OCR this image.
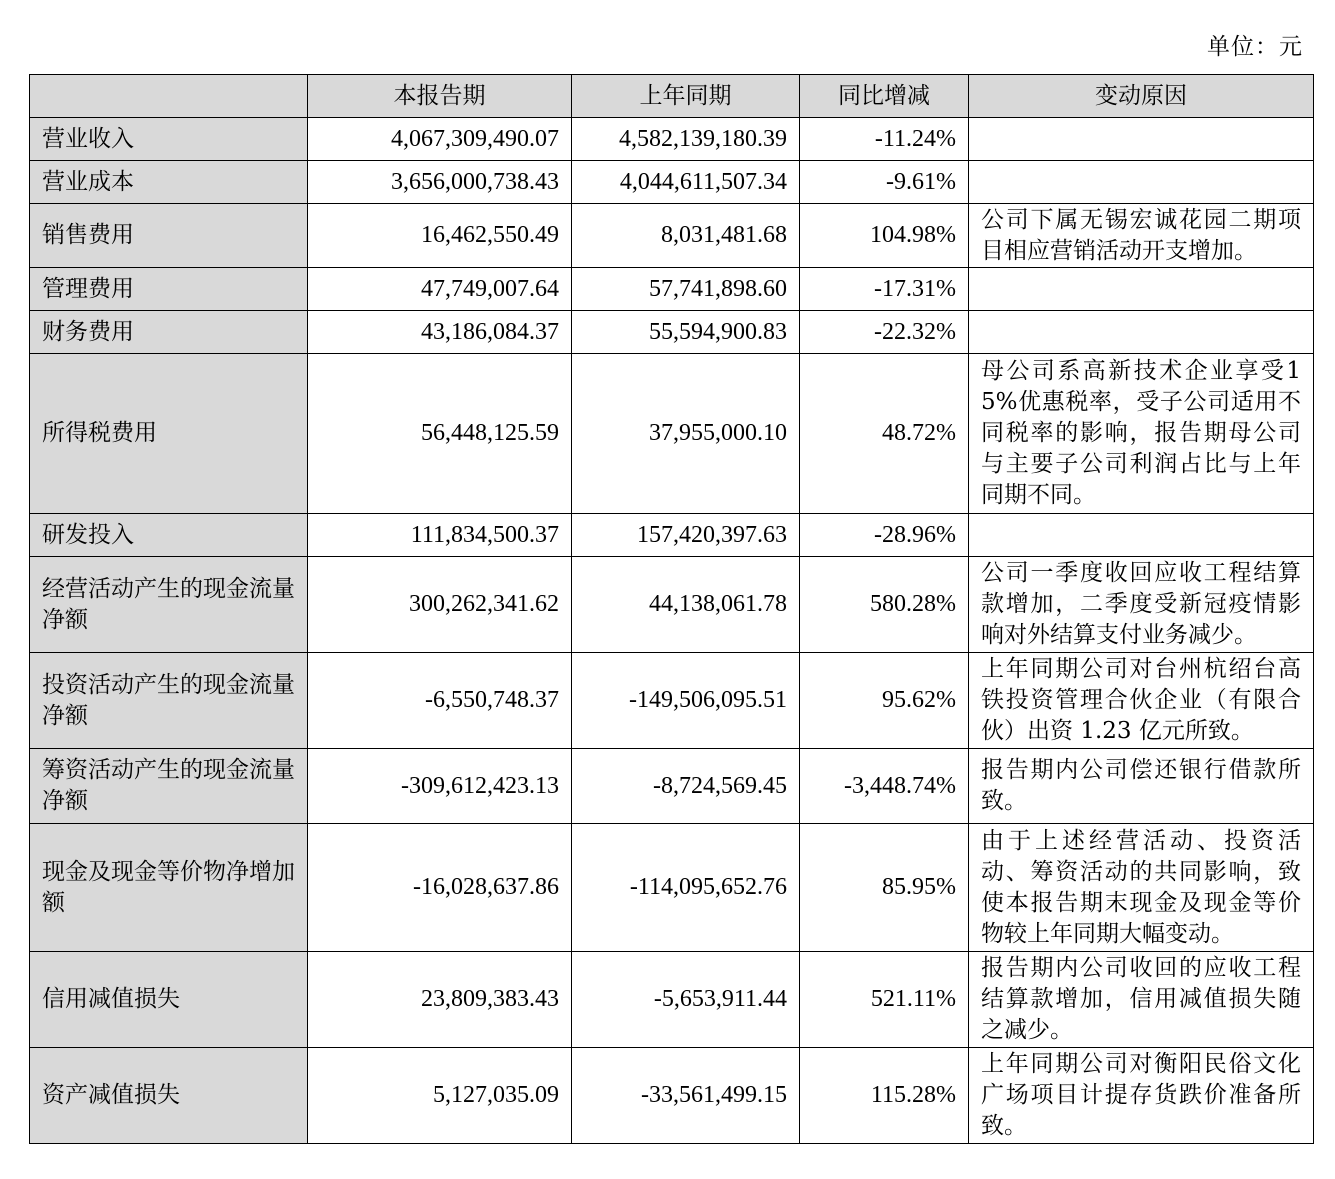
单位：元
	本报告期	上年同期	同比增减	变动原因
营业收入	4,067,309,490.07	4,582,139,180.39	-11.24%	
营业成本	3,656,000,738.43	4,044,611,507.34	-9.61%	
销售费用	16,462,550.49	8,031,481.68	104.98%	公司下属无锡宏诚花园二期项目相应营销活动开支增加。
管理费用	47,749,007.64	57,741,898.60	-17.31%	
财务费用	43,186,084.37	55,594,900.83	-22.32%	
所得税费用	56,448,125.59	37,955,000.10	48.72%	母公司系高新技术企业享受15%优惠税率，受子公司适用不同税率的影响，报告期母公司与主要子公司利润占比与上年同期不同。
研发投入	111,834,500.37	157,420,397.63	-28.96%	
经营活动产生的现金流量净额	300,262,341.62	44,138,061.78	580.28%	公司一季度收回应收工程结算款增加，二季度受新冠疫情影响对外结算支付业务减少。
投资活动产生的现金流量净额	-6,550,748.37	-149,506,095.51	95.62%	上年同期公司对台州杭绍台高铁投资管理合伙企业（有限合伙）出资 1.23 亿元所致。
筹资活动产生的现金流量净额	-309,612,423.13	-8,724,569.45	-3,448.74%	报告期内公司偿还银行借款所致。
现金及现金等价物净增加额	-16,028,637.86	-114,095,652.76	85.95%	由于上述经营活动、投资活动、筹资活动的共同影响，致使本报告期末现金及现金等价物较上年同期大幅变动。
信用减值损失	23,809,383.43	-5,653,911.44	521.11%	报告期内公司收回的应收工程结算款增加，信用减值损失随之减少。
资产减值损失	5,127,035.09	-33,561,499.15	115.28%	上年同期公司对衡阳民俗文化广场项目计提存货跌价准备所致。
